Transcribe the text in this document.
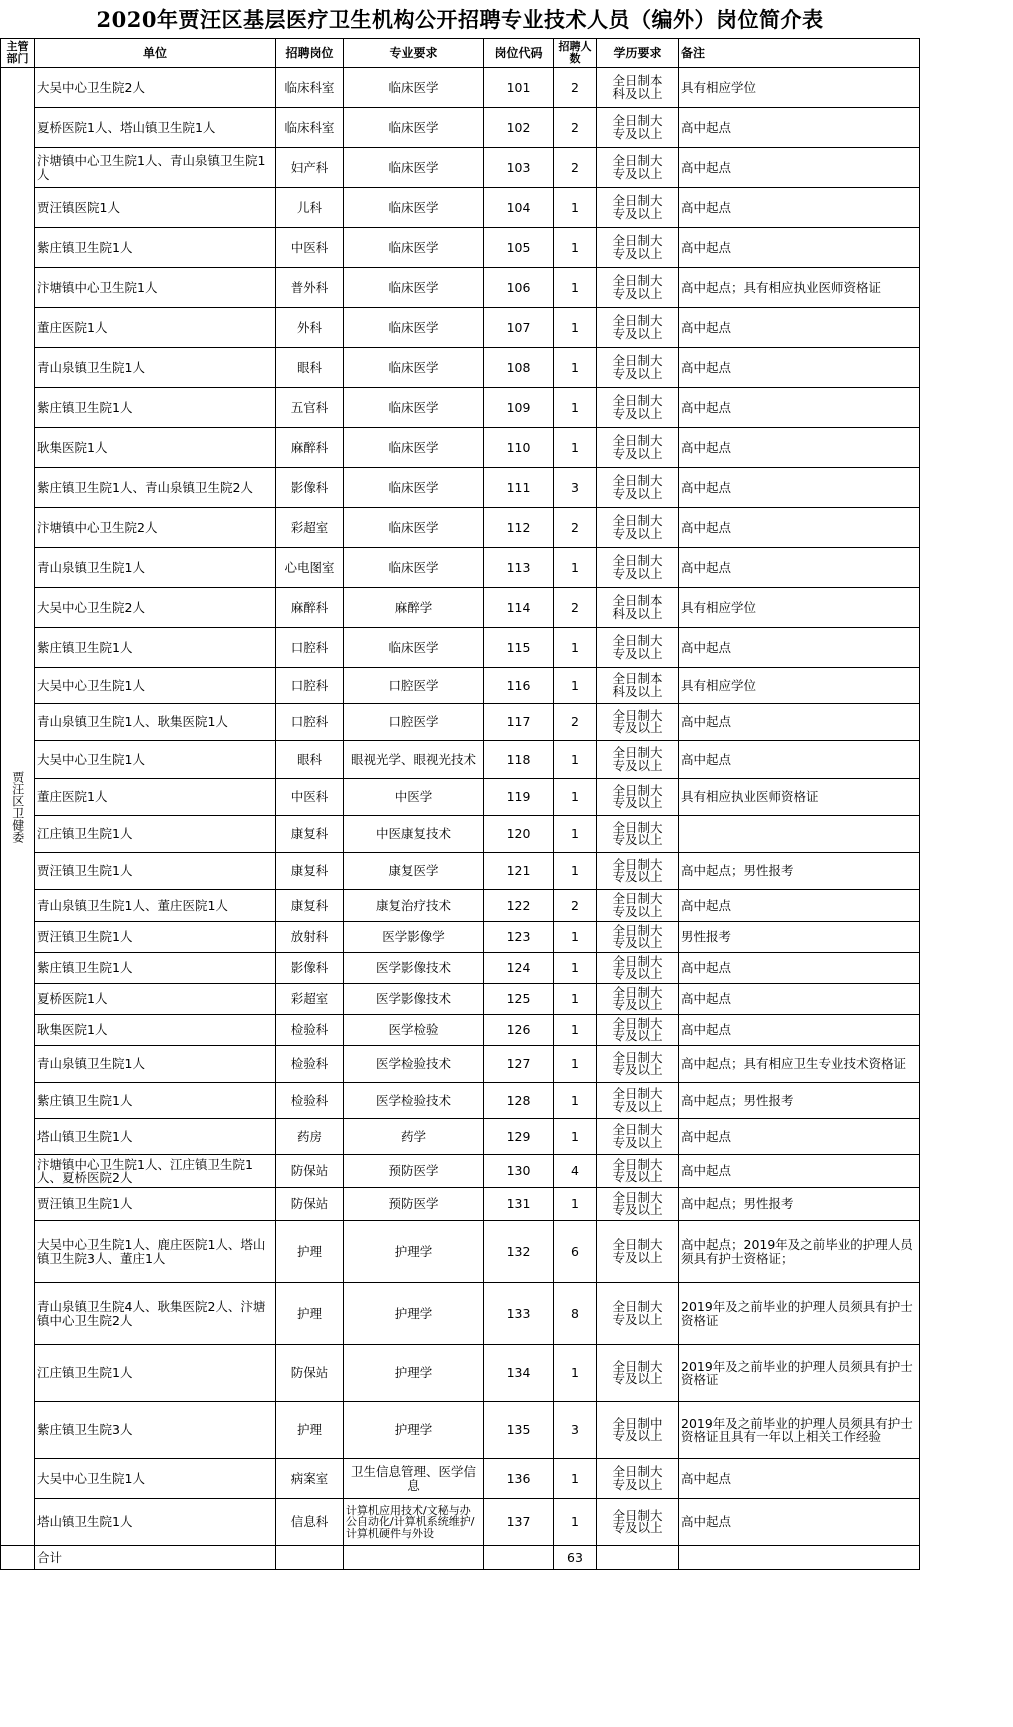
2020年贾汪区基层医疗卫生机构公开招聘专业技术人员（编外）岗位简介表
主管部门	单位	招聘岗位	专业要求	岗位代码	招聘人数	学历要求	备注
贾汪区卫健委	大吴中心卫生院2人	临床科室	临床医学	101	2	全日制本科及以上	具有相应学位
	夏桥医院1人、塔山镇卫生院1人	临床科室	临床医学	102	2	全日制大专及以上	高中起点
	汴塘镇中心卫生院1人、青山泉镇卫生院1人	妇产科	临床医学	103	2	全日制大专及以上	高中起点
	贾汪镇医院1人	儿科	临床医学	104	1	全日制大专及以上	高中起点
	紫庄镇卫生院1人	中医科	临床医学	105	1	全日制大专及以上	高中起点
	汴塘镇中心卫生院1人	普外科	临床医学	106	1	全日制大专及以上	高中起点；具有相应执业医师资格证
	董庄医院1人	外科	临床医学	107	1	全日制大专及以上	高中起点
	青山泉镇卫生院1人	眼科	临床医学	108	1	全日制大专及以上	高中起点
	紫庄镇卫生院1人	五官科	临床医学	109	1	全日制大专及以上	高中起点
	耿集医院1人	麻醉科	临床医学	110	1	全日制大专及以上	高中起点
	紫庄镇卫生院1人、青山泉镇卫生院2人	影像科	临床医学	111	3	全日制大专及以上	高中起点
	汴塘镇中心卫生院2人	彩超室	临床医学	112	2	全日制大专及以上	高中起点
	青山泉镇卫生院1人	心电图室	临床医学	113	1	全日制大专及以上	高中起点
	大吴中心卫生院2人	麻醉科	麻醉学	114	2	全日制本科及以上	具有相应学位
	紫庄镇卫生院1人	口腔科	临床医学	115	1	全日制大专及以上	高中起点
	大吴中心卫生院1人	口腔科	口腔医学	116	1	全日制本科及以上	具有相应学位
	青山泉镇卫生院1人、耿集医院1人	口腔科	口腔医学	117	2	全日制大专及以上	高中起点
	大吴中心卫生院1人	眼科	眼视光学、眼视光技术	118	1	全日制大专及以上	高中起点
	董庄医院1人	中医科	中医学	119	1	全日制大专及以上	具有相应执业医师资格证
	江庄镇卫生院1人	康复科	中医康复技术	120	1	全日制大专及以上	
	贾汪镇卫生院1人	康复科	康复医学	121	1	全日制大专及以上	高中起点；男性报考
	青山泉镇卫生院1人、董庄医院1人	康复科	康复治疗技术	122	2	全日制大专及以上	高中起点
	贾汪镇卫生院1人	放射科	医学影像学	123	1	全日制大专及以上	男性报考
	紫庄镇卫生院1人	影像科	医学影像技术	124	1	全日制大专及以上	高中起点
	夏桥医院1人	彩超室	医学影像技术	125	1	全日制大专及以上	高中起点
	耿集医院1人	检验科	医学检验	126	1	全日制大专及以上	高中起点
	青山泉镇卫生院1人	检验科	医学检验技术	127	1	全日制大专及以上	高中起点；具有相应卫生专业技术资格证
	紫庄镇卫生院1人	检验科	医学检验技术	128	1	全日制大专及以上	高中起点；男性报考
	塔山镇卫生院1人	药房	药学	129	1	全日制大专及以上	高中起点
	汴塘镇中心卫生院1人、江庄镇卫生院1人、夏桥医院2人	防保站	预防医学	130	4	全日制大专及以上	高中起点
	贾汪镇卫生院1人	防保站	预防医学	131	1	全日制大专及以上	高中起点；男性报考
	大吴中心卫生院1人、鹿庄医院1人、塔山镇卫生院3人、董庄1人	护理	护理学	132	6	全日制大专及以上	高中起点；2019年及之前毕业的护理人员须具有护士资格证；
	青山泉镇卫生院4人、耿集医院2人、汴塘镇中心卫生院2人	护理	护理学	133	8	全日制大专及以上	2019年及之前毕业的护理人员须具有护士资格证
	江庄镇卫生院1人	防保站	护理学	134	1	全日制大专及以上	2019年及之前毕业的护理人员须具有护士资格证
	紫庄镇卫生院3人	护理	护理学	135	3	全日制中专及以上	2019年及之前毕业的护理人员须具有护士资格证且具有一年以上相关工作经验
	大吴中心卫生院1人	病案室	卫生信息管理、医学信息	136	1	全日制大专及以上	高中起点
	塔山镇卫生院1人	信息科	计算机应用技术/文秘与办公自动化/计算机系统维护/计算机硬件与外设	137	1	全日制大专及以上	高中起点
	合计				63		
